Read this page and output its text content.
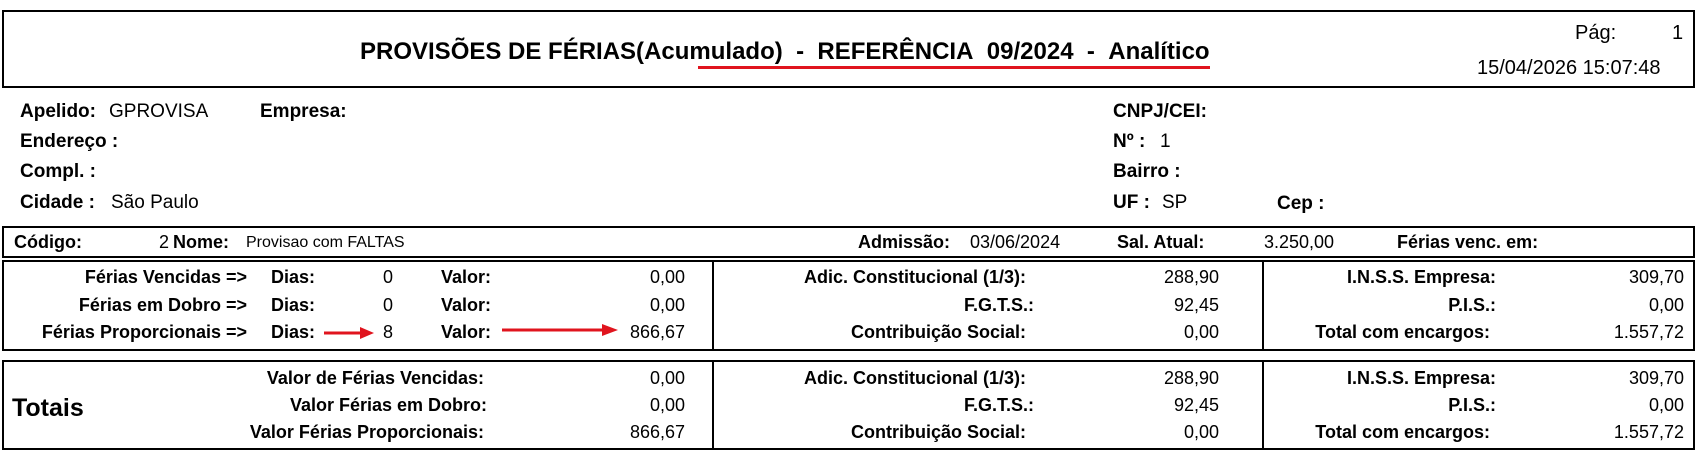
PROVISÕES DE FÉRIAS(Acumulado) - REFERÊNCIA 09/2024 - Analítico
Pág:	1
15/04/2026 15:07:48
Apelido: GPROVISA	Empresa:
Endereço :
Compl. :
Cidade : São Paulo
CNPJ/CEI:
Nº : 1
Bairro :
UF : SP	Cep :
Código:	2 Nome: Provisao com FALTAS	Admissão: 03/06/2024	Sal. Atual:	3.250,00	Férias venc. em:
Férias Vencidas => Dias:	0	Valor:	0,00
Férias em Dobro => Dias:	0	Valor:	0,00
Férias Proporcionais => Dias:	8	Valor:	866,67
Adic. Constitucional (1/3):	288,90
F.G.T.S.:	92,45
Contribuição Social:	0,00
I.N.S.S. Empresa:	309,70
P.I.S.:	0,00
Total com encargos:	1.557,72
Totais
Valor de Férias Vencidas:	0,00
Valor Férias em Dobro:	0,00
Valor Férias Proporcionais:	866,67
Adic. Constitucional (1/3):	288,90
F.G.T.S.:	92,45
Contribuição Social:	0,00
I.N.S.S. Empresa:	309,70
P.I.S.:	0,00
Total com encargos:	1.557,72
